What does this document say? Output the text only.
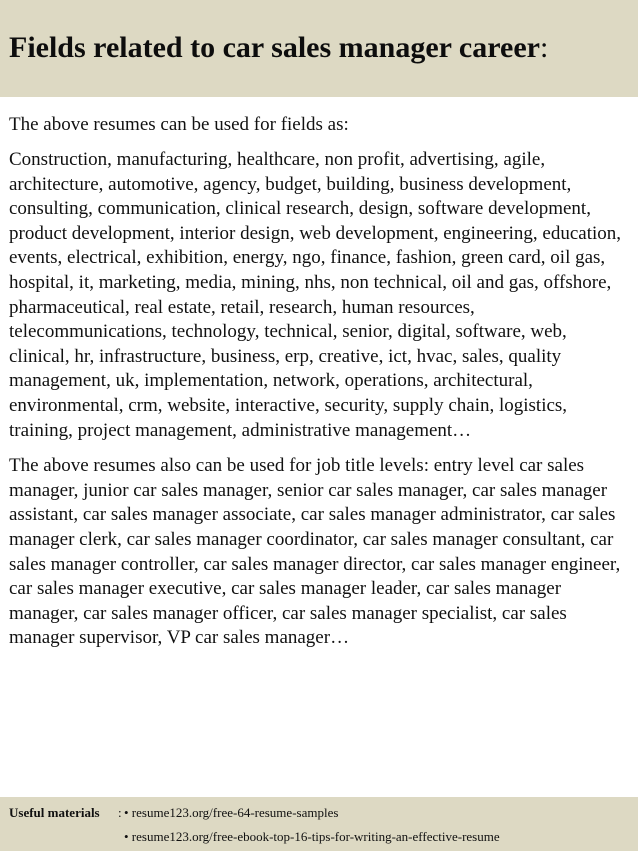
Fields related to car sales manager career:

The above resumes can be used for fields as:

Construction, manufacturing, healthcare, non profit, advertising, agile, architecture, automotive, agency, budget, building, business development, consulting, communication, clinical research, design, software development, product development, interior design, web development, engineering, education, events, electrical, exhibition, energy, ngo, finance, fashion, green card, oil gas, hospital, it, marketing, media, mining, nhs, non technical, oil and gas, offshore, pharmaceutical, real estate, retail, research, human resources, telecommunications, technology, technical, senior, digital, software, web, clinical, hr, infrastructure, business, erp, creative, ict, hvac, sales, quality management, uk, implementation, network, operations, architectural, environmental, crm, website, interactive, security, supply chain, logistics, training, project management, administrative management…

The above resumes also can be used for job title levels: entry level car sales manager, junior car sales manager, senior car sales manager, car sales manager assistant, car sales manager associate, car sales manager administrator, car sales manager clerk, car sales manager coordinator, car sales manager consultant, car sales manager controller, car sales manager director, car sales manager engineer, car sales manager executive, car sales manager leader, car sales manager manager, car sales manager officer, car sales manager specialist, car sales manager supervisor, VP car sales manager…

Useful materials : • resume123.org/free-64-resume-samples
• resume123.org/free-ebook-top-16-tips-for-writing-an-effective-resume
